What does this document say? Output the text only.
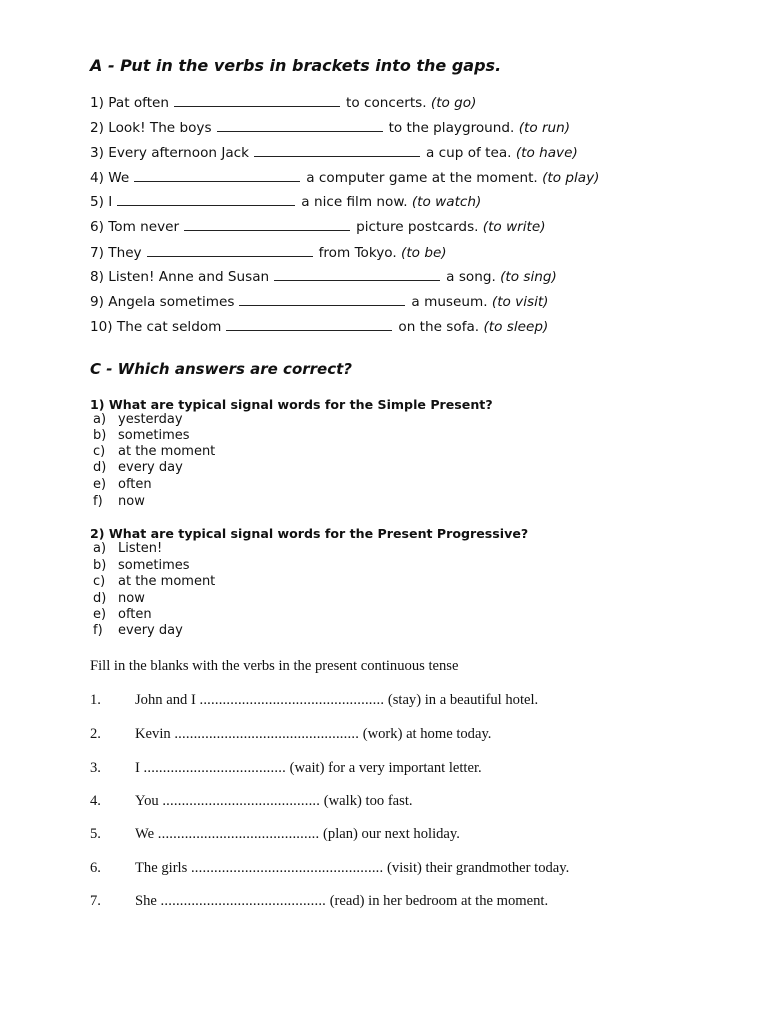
A - Put in the verbs in brackets into the gaps.
1) Pat often	to concerts. (to go)
2) Look! The boys	to the playground. (to run)
3) Every afternoon Jack	a cup of tea. (to have)
4) We	a computer game at the moment. (to play)
5) I	a nice film now. (to watch)
6) Tom never	picture postcards. (to write)
7) They	from Tokyo. (to be)
8) Listen! Anne and Susan	a song. (to sing)
9) Angela sometimes	a museum. (to visit)
10) The cat seldom	on the sofa. (to sleep)
C - Which answers are correct?
1) What are typical signal words for the Simple Present?
a) yesterday
b) sometimes
c) at the moment
d) every day
e) often
f) now
2) What are typical signal words for the Present Progressive?
a) Listen!
b) sometimes
c) at the moment
d) now
e) often
f) every day
Fill in the blanks with the verbs in the present continuous tense
1. John and I ................................................ (stay) in a beautiful hotel.
2. Kevin ................................................ (work) at home today.
3. I ..................................... (wait) for a very important letter.
4. You ......................................... (walk) too fast.
5. We .......................................... (plan) our next holiday.
6. The girls .................................................. (visit) their grandmother today.
7. She ........................................... (read) in her bedroom at the moment.
